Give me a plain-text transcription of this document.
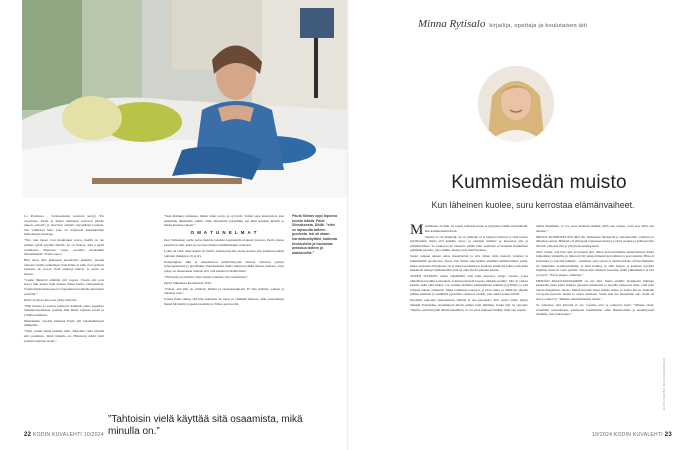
La Promessa – Salaisuuksien kartanoi kertyy Yle Areenasta. Paula ja hänen miehensä katsovat päivän jakson sohvalla ja naarrivat samalla mystillisen lounaan. Sen valmistaa luha, joka on erityisesti kasitikkoiden kotitaloisen lounaaga.

”Nyt, kun lapset ovat muuttaneet kotoa, meillä on ole paikka syödä pöydän äärellä. Se on ihanaa. Itää n kyllä syömiseen muutosta vasen vuodelta muutenkin lhanammaksi”, Paula sanoo.

Hän istuu aina ikkunaan puoleisella paikalla, puolisi vierestä omalla paikallaan. Kun Paula ja luha ovat syöneet lounaan, he juovat vielä yhdessä kahvit, ja sekin on ihanaa.

”Lastin lähtettyä elämäni tuli vapaus. Voisin olla pois kotoa niin kauan kuin haluan ilman huolta elokaatteista. Voisin käydä museossa tai vapauden katsomalla televisiota sohvalla.”

Paula on myös kuoroon pääsy kirkolla.

”Hän maalaa ja asettaa pelikorvi kehittää, tekee paperista lampunvarjostimen, paahtia ääni niistä, täytteen nastat ja yrittää uudelleen.

Maalauman vuoden kuluttua Paula jää todennäköisesti eläkkeelle.

”Olen saanut tehdä pitkään töitä. Tahtoisin vielä käyttää sitä osaamista, mikä minulla on. Haluaisin tehdä vielä jotakin erityisen isolle.”

”Kun lhminen vanhenee, hänen tiden tavoja ja syvyyttä. Turhat asiat karsiutuvat, kun pääsetään lähemmäs ydintä. Olen mielestäni paremmin nyt kuin kuuluin ikävitä ja helsiä kuulaan enteen.”

O M A T U N E L M A T

Kun Siimaksen perhe palaa meidän takaisin kaupunkiin elokuun lopussa, Paula jaksaa käsattavat siitä, kuka saa kotona mennä ensimmäiseksi saunassa.

Loma oli ollut. Aksi Askan oli hatrifa asekin paavella vieras kanssa alla. Kiukaan pääslä opilanut makkarat oli syöty.

Kaupungissa alkä ja tekipahatvat kehittömyyden äärsssä valtuvan syksyn työpropekseista ja järvelläkin. Paulanuksien mutta ilman hyväkkä menoa lounaan. Uusi syksy toi moksanaan tuntean sitä, että kaikki on mahdollista.

”Niin kuin on elävillä. Olen saanut toteuttaa ottia unelmiaan.”

Pentti Siimaksen kuolemasta 2016.

”Urkon, että hän on edelleen läheltä ja sanataiteenmatti. Et hän mahtuu, saksen ja rakastaa vain.”

Joskus Paula tuntee yhä hän taakkaan. Se lapsi on yhtäkkiä muistaa. Isän onnistuuhan lhaksi hävitteltyn tapakuvasomma ja Tahao-partaverttä.

Paula Siimas oppi lapsena tuosta isästä, Pauli Siimaksesta. Äitilä: ”ettei se lapsuutta taiteen puolesta. Isä oli otaan harrastustäyttävi, kaikesta keskustella ja harrastaa pelastua taiteen ja alakkuvelta.”

”Tahtoisin vielä käyttää sitä osaamista, mikä minulla on.”
22 KODIN KUVALEHTI 10/2024
Minna Rytisalo kirjailija, opettaja ja koulutaisen äiti
Kummisedän muisto
Kun läheinen kuolee, suru kerrostaa elämänvaiheet.

Maailmassa on sään. Se repesi raikoksi ennen ja nykyinen välille sitä hetkellä, kun kammenaenä kuoli.

Surulla ei ole säännöjä. Se on julmalle ei ja kirjeen toimivat ja yhtä isoista kylähtysikin maita että kaikille surua, ja umaiten minulle se kerrostaa ajat ja elämänvaiheet. Se laskostaa ne toistensa päälle kuin aromiaan ei tuntehen fiamulinen pehmeän kasasin, joka ohikko menee plan kierrättyksen.

Suren samaan aikaan omaa menetystäni ja sitä, miten isäni menetti veljensä ja kummitätini puolisonsa. Suren sitä, miten aika kulkee eteiääkä elämänvaiheet paina, miten viattomia hiljoikasta oli ja miten kuolemaa ei koskaan ennätetty kohta valla kuin kaikkiaan ehtinyt kummisetäni elää tai eikä hyvää pääosin kuulla.

SUREN SITÄKIN, miten väjäämättä olen päin seuraava sivuja vuosna. Jossa nimeähteen kaikki seurauksia. Jokaisen menetä hopeaa rakkalle peräilu. Sitä on vaikea kestää, ehkä siltä muuta voi, kuinka elämäni päättemätöne kaikkia pyydänlly ja että samaan aikaan viilakeatt. Muut toiminnat paisuvat, ja järvi sulaa, ja täältä me jäljelle jäämet eäemme ja yritämme pyristellä, rakentaa jotakin, joka sekin joskus hävää.

Kuolema pakottaa ajattelemaan elämää ja sen kerroksia. 900 vuotta sitten elänyt munkki Franziskus Assisilainen mietti aamua kuin minäkin, koska hän on sanonut: ”Muista, että kun jätät tämän maailman, et voi ottaa mukaasi mitään, mitä olet saanut.

tämän maailman, et voi ottaa mukaasi mitään, mitä olet saanut, vaan sen, mitä olet antanut.”

MINUN KUMMISETÄNI lähti siis mukanaan merkeeltä ja muotkoeltää, vaikvien ja läheinen seuraa. Hänellä oli vihreessä repussaan maaraa ja lisra ruokaa ja kahtepevilen äärestä, yhdensä ilsa ja yhteyteen keskityssteä.

Olen varma, että hän olisi arvostanut sitä, miten kokoontuimme muistelemaan häntä tulipailuun ympärille ja miten hyviä juttuja hänestä kerroimme ja kerrottaisiin. Hän oli seurannes ja saavilla leikkijä – sellaisen, joka suvun ja isukin pitkoin oli huoltinhtelin tai mummien ponnistelumalla, ja siitä kuuluu, ja säili helpen ja kaikesta hyvästä mijäiliä; menevä vieni perillle. Sitten hän vilkautti toisaalle, mikä pikkahdenet ja itsä ja toivoi: ”Paras mapee, tallianne.”

MEIDÄN MAAILMASSAMME on nyt särö, mutta eräällä: Keljuneila männyn kankaalla puun kyliö hohkaa punaista kirkkautta ja tuoaille lankeavat ilma, erkä joka Tetrasomagalluas, metso. Metsä hevellä toiset kaikki maka, ja kohta kuvaa. Paikalle vei hyvin kurvella maxin ja sanon sanelaan. Sitten kun me menemme ene, siellä oli eräs ja suurova: ”Imuhan muuttemmaksi ollaan.”

Se tarkottaa, että kärrettä ei ole. Luulen, että se tarkottaa myös ”Olhaan tässä, toisemme seuraamassa, ansmeaan toisillemme omia läsnäolomme ja keskittyzaisi itsemme. Sen tarkoitatpa.”

KUVA SANNA KAUNISKANGAS
10/2024 KODIN KUVALEHTI 23
